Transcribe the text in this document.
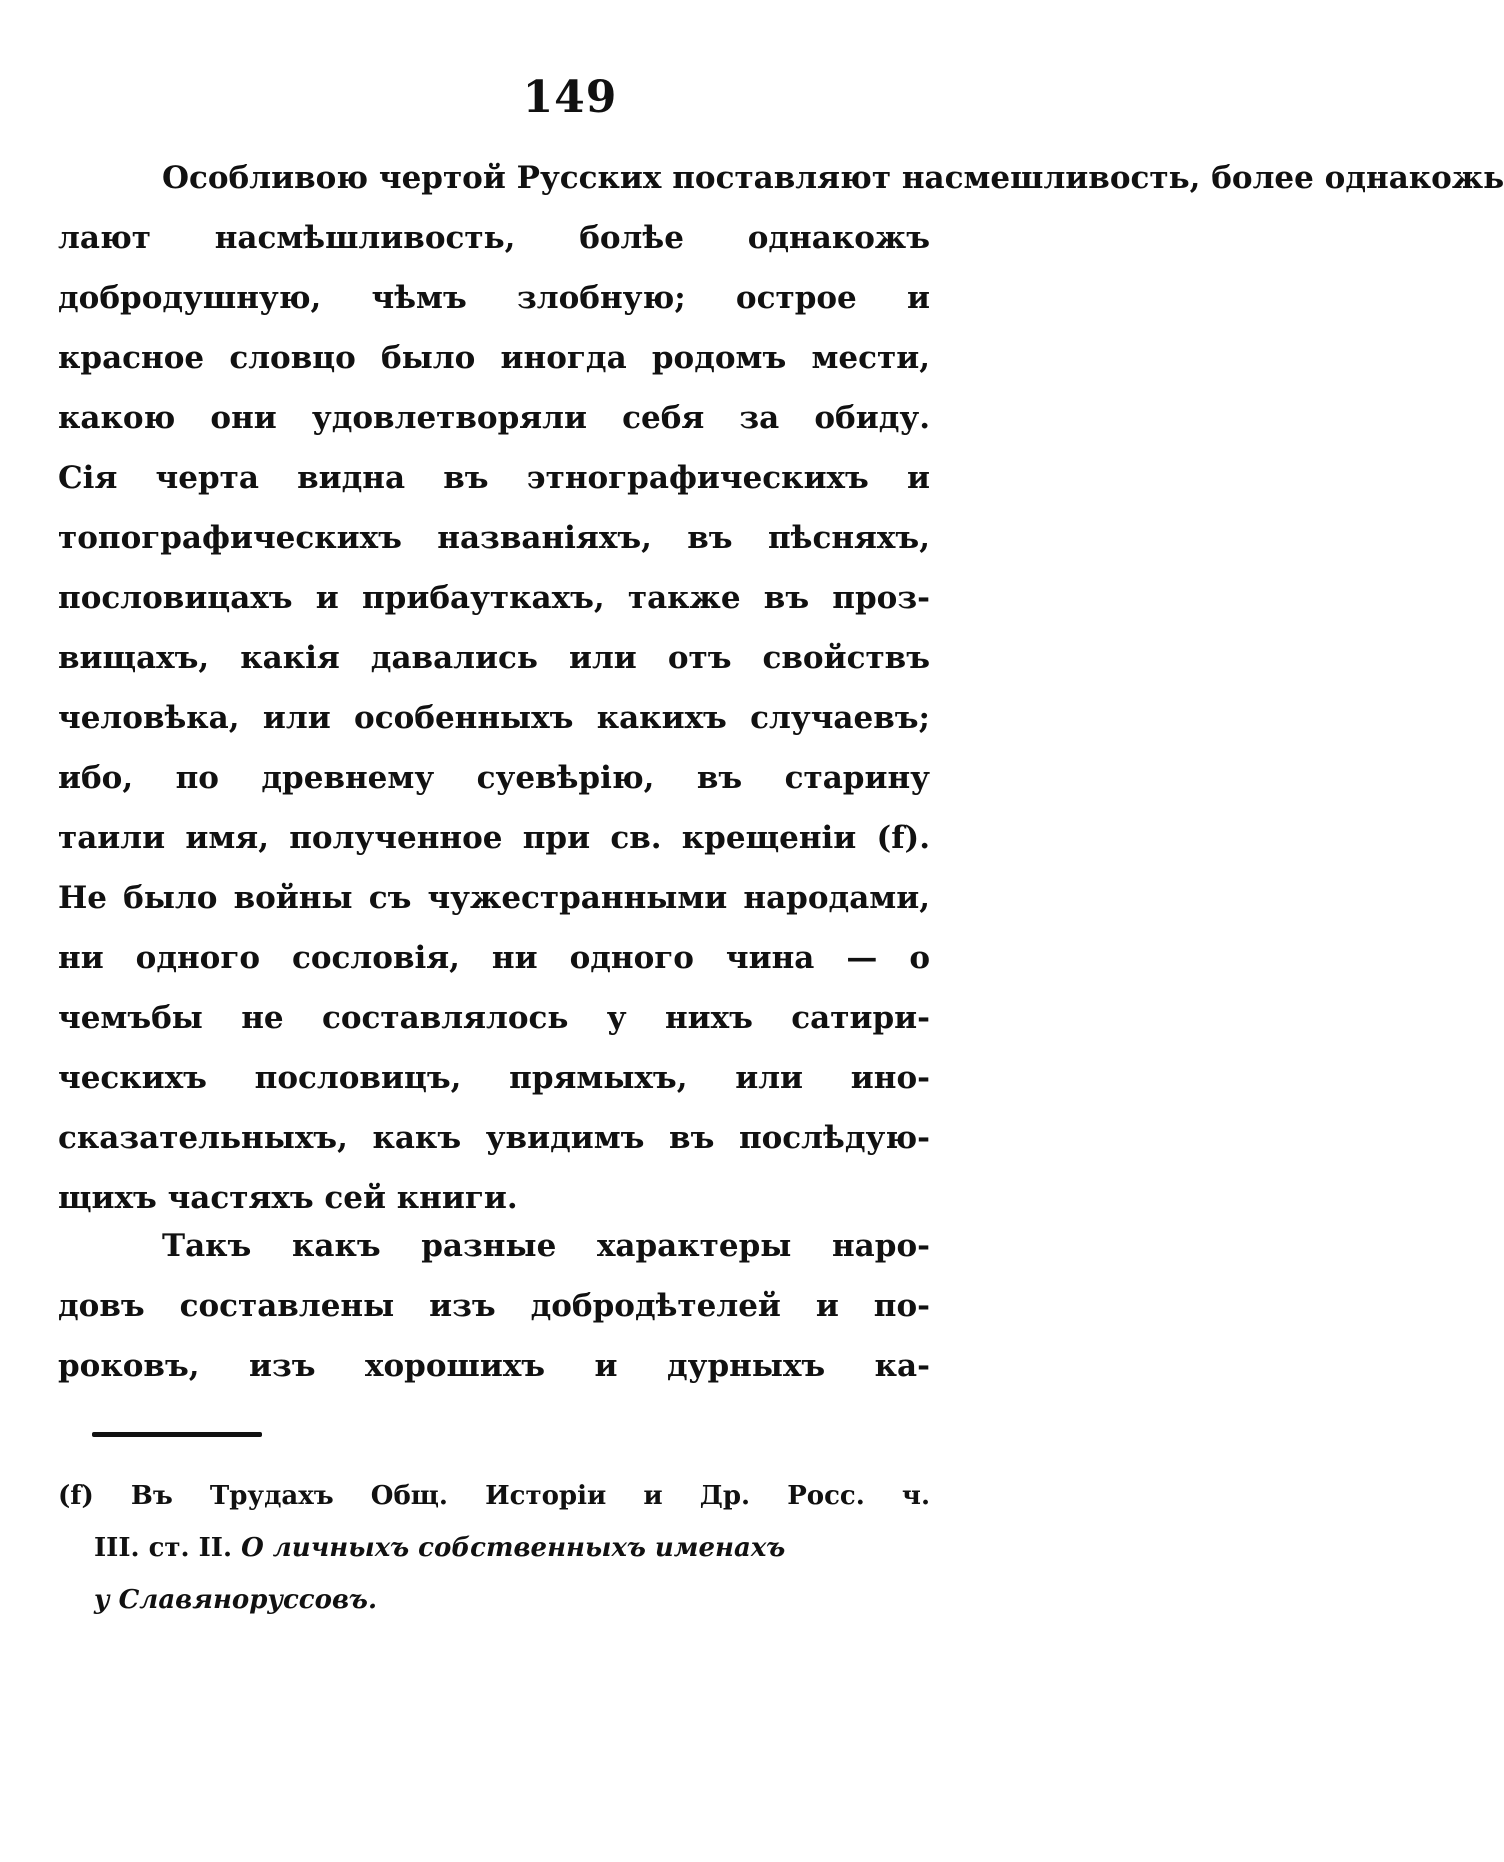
149
Особливою чертой Русских поставляют насмешливость, более однакожь
лают насмѣшливость, болѣе однакожъ
добродушную, чѣмъ злобную; острое и
красное словцо было иногда родомъ мести,
какою они удовлетворяли себя за обиду.
Сія черта видна въ этнографическихъ и
топографическихъ названіяхъ, въ пѣсняхъ,
пословицахъ и прибауткахъ, также въ проз-
вищахъ, какія давались или отъ свойствъ
человѣка, или особенныхъ какихъ случаевъ;
ибо, по древнему суевѣрію, въ старину
таили имя, полученное при св. крещеніи (f).
Не было войны съ чужестранными народами,
ни одного сословія, ни одного чина — о
чемъбы не составлялось у нихъ сатири-
ческихъ пословицъ, прямыхъ, или ино-
сказательныхъ, какъ увидимъ въ послѣдую-
щихъ частяхъ сей книги.
Такъ какъ разные характеры наро-
довъ составлены изъ добродѣтелей и по-
роковъ, изъ хорошихъ и дурныхъ ка-
(f) Въ Трудахъ Общ. Исторіи и Др. Росс. ч.
III. ст. II. О личныхъ собственныхъ именахъ
у Славяноруссовъ.
